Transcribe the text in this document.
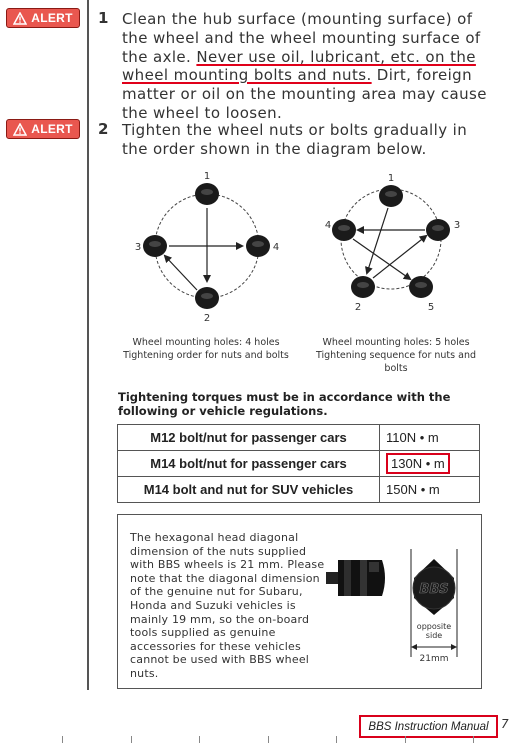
ALERT
ALERT
1 Clean the hub surface (mounting surface) of the wheel and the wheel mounting surface of the axle. Never use oil, lubricant, etc. on the wheel mounting bolts and nuts. Dirt, foreign matter or oil on the mounting area may cause the wheel to loosen.
2 Tighten the wheel nuts or bolts gradually in the order shown in the diagram below.
1
2
3	4
Wheel mounting holes: 4 holes
Tightening order for nuts and bolts
1
2
3
4
5
Wheel mounting holes: 5 holes
Tightening sequence for nuts and bolts
Tightening torques must be in accordance with the following or vehicle regulations.
M12 bolt/nut for passenger cars	110N • m
M14 bolt/nut for passenger cars	130N • m
M14 bolt and nut for SUV vehicles	150N • m
The hexagonal head diagonal dimension of the nuts supplied with BBS wheels is 21 mm. Please note that the diagonal dimension of the genuine nut for Subaru, Honda and Suzuki vehicles is mainly 19 mm, so the on-board tools supplied as genuine accessories for these vehicles cannot be used with BBS wheel nuts.
BBS
opposite side
21mm
BBS Instruction Manual	7
